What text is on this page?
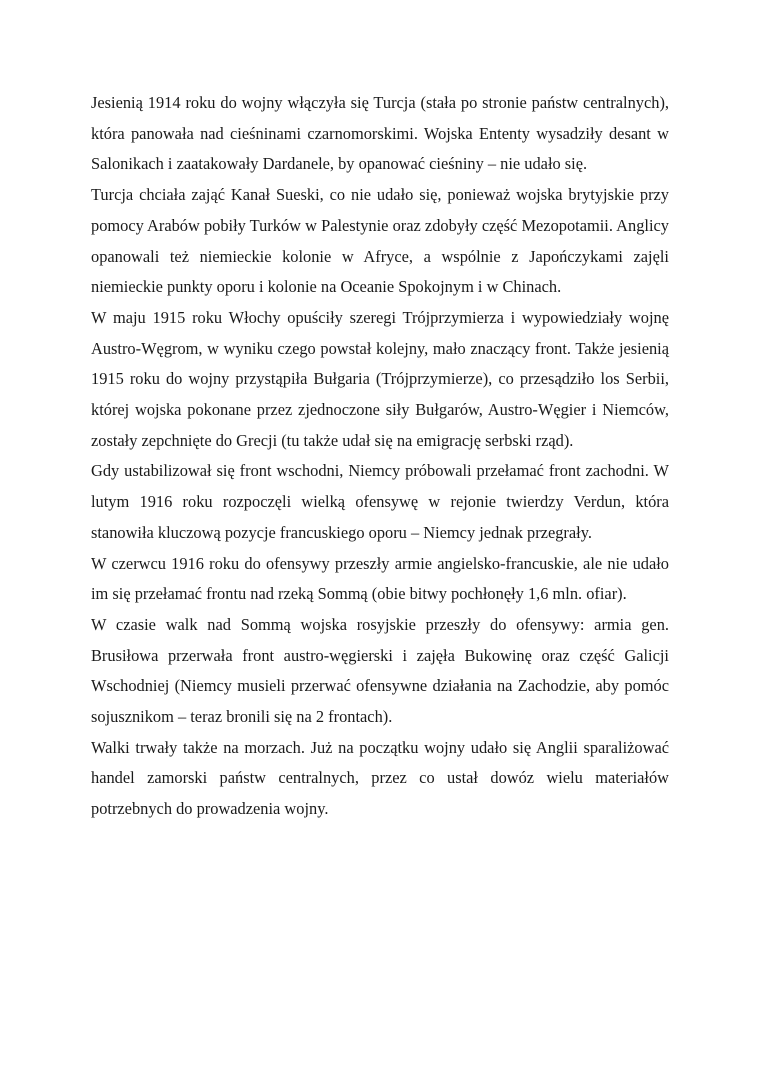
Jesienią 1914 roku do wojny włączyła się Turcja (stała po stronie państw centralnych), która panowała nad cieśninami czarnomorskimi. Wojska Ententy wysadziły desant w Salonikach i zaatakowały Dardanele, by opanować cieśniny – nie udało się.

Turcja chciała zająć Kanał Sueski, co nie udało się, ponieważ wojska brytyjskie przy pomocy Arabów pobiły Turków w Palestynie oraz zdobyły część Mezopotamii. Anglicy opanowali też niemieckie kolonie w Afryce, a wspólnie z Japończykami zajęli niemieckie punkty oporu i kolonie na Oceanie Spokojnym i w Chinach.

W maju 1915 roku Włochy opuściły szeregi Trójprzymierza i wypowiedziały wojnę Austro-Węgrom, w wyniku czego powstał kolejny, mało znaczący front. Także jesienią 1915 roku do wojny przystąpiła Bułgaria (Trójprzymierze), co przesądziło los Serbii, której wojska pokonane przez zjednoczone siły Bułgarów, Austro-Węgier i Niemców, zostały zepchnięte do Grecji (tu także udał się na emigrację serbski rząd).

Gdy ustabilizował się front wschodni, Niemcy próbowali przełamać front zachodni. W lutym 1916 roku rozpoczęli wielką ofensywę w rejonie twierdzy Verdun, która stanowiła kluczową pozycje francuskiego oporu – Niemcy jednak przegrały.

W czerwcu 1916 roku do ofensywy przeszły armie angielsko-francuskie, ale nie udało im się przełamać frontu nad rzeką Sommą (obie bitwy pochłonęły 1,6 mln. ofiar).

W czasie walk nad Sommą wojska rosyjskie przeszły do ofensywy: armia gen. Brusiłowa przerwała front austro-węgierski i zajęła Bukowinę oraz część Galicji Wschodniej (Niemcy musieli przerwać ofensywne działania na Zachodzie, aby pomóc sojusznikom – teraz bronili się na 2 frontach).

Walki trwały także na morzach. Już na początku wojny udało się Anglii sparaliżować handel zamorski państw centralnych, przez co ustał dowóz wielu materiałów potrzebnych do prowadzenia wojny.
